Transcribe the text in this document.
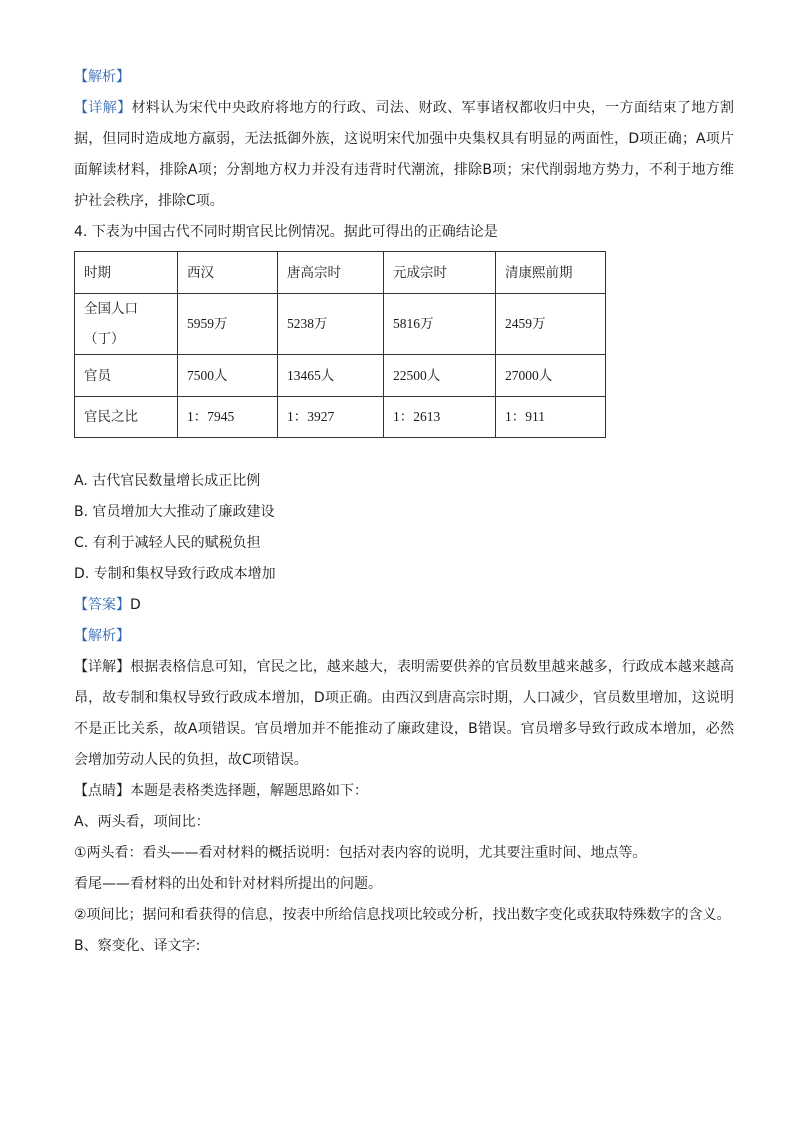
【解析】

【详解】材料认为宋代中央政府将地方的行政、司法、财政、军事诸权都收归中央，一方面结束了地方割据，但同时造成地方羸弱，无法抵御外族，这说明宋代加强中央集权具有明显的两面性，D项正确；A项片面解读材料，排除A项；分割地方权力并没有违背时代潮流，排除B项；宋代削弱地方势力，不利于地方维护社会秩序，排除C项。

4. 下表为中国古代不同时期官民比例情况。据此可得出的正确结论是

时期	西汉	唐高宗时	元成宗时	清康熙前期
全国人口（丁）	5959万	5238万	5816万	2459万
官员	7500人	13465人	22500人	27000人
官民之比	1：7945	1：3927	1：2613	1：911

A. 古代官民数量增长成正比例

B. 官员增加大大推动了廉政建设

C. 有利于减轻人民的赋税负担

D. 专制和集权导致行政成本增加

【答案】D

【解析】

【详解】根据表格信息可知，官民之比，越来越大，表明需要供养的官员数里越来越多，行政成本越来越高昂，故专制和集权导致行政成本增加，D项正确。由西汉到唐高宗时期，人口减少，官员数里增加，这说明不是正比关系，故A项错误。官员增加并不能推动了廉政建设，B错误。官员增多导致行政成本增加，必然会增加劳动人民的负担，故C项错误。

【点睛】本题是表格类选择题，解题思路如下：

A、两头看，项间比：

①两头看：看头——看对材料的概括说明：包括对表内容的说明，尤其要注重时间、地点等。

看尾——看材料的出处和针对材料所提出的问题。

②项间比；据问和看获得的信息，按表中所给信息找项比较或分析，找出数字变化或获取特殊数字的含义。

B、察变化、译文字:
